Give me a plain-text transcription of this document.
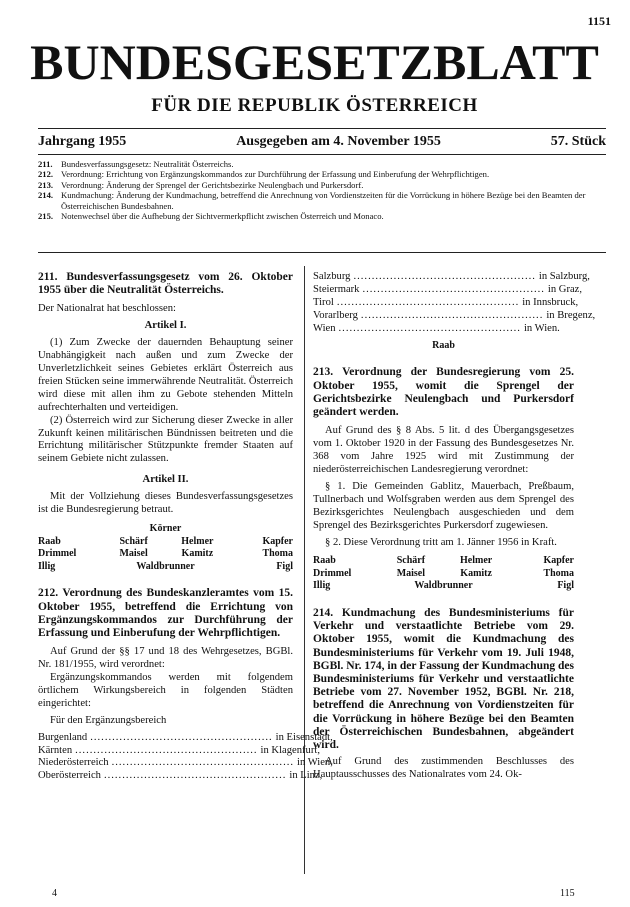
1151
BUNDESGESETZBLATT
FÜR DIE REPUBLIK ÖSTERREICH
Jahrgang 1955	Ausgegeben am 4. November 1955	57. Stück
211. Bundesverfassungsgesetz: Neutralität Österreichs.
212. Verordnung: Errichtung von Ergänzungskommandos zur Durchführung der Erfassung und Einberufung der Wehrpflichtigen.
213. Verordnung: Änderung der Sprengel der Gerichtsbezirke Neulengbach und Purkersdorf.
214. Kundmachung: Änderung der Kundmachung, betreffend die Anrechnung von Vordienstzeiten für die Vorrückung in höhere Bezüge bei den Beamten der Österreichischen Bundesbahnen.
215. Notenwechsel über die Aufhebung der Sichtvermerkpflicht zwischen Österreich und Monaco.
211. Bundesverfassungsgesetz vom 26. Oktober 1955 über die Neutralität Österreichs.
Der Nationalrat hat beschlossen:
Artikel I.
(1) Zum Zwecke der dauernden Behauptung seiner Unabhängigkeit nach außen und zum Zwecke der Unverletzlichkeit seines Gebietes erklärt Österreich aus freien Stücken seine immerwährende Neutralität. Österreich wird diese mit allen ihm zu Gebote stehenden Mitteln aufrechterhalten und verteidigen.
(2) Österreich wird zur Sicherung dieser Zwecke in aller Zukunft keinen militärischen Bündnissen beitreten und die Errichtung militärischer Stützpunkte fremder Staaten auf seinem Gebiete nicht zulassen.
Artikel II.
Mit der Vollziehung dieses Bundesverfassungsgesetzes ist die Bundesregierung betraut.
Körner
Raab	Schärf	Helmer	Kapfer
Drimmel	Maisel	Kamitz	Thoma
Illig	Waldbrunner	Figl
212. Verordnung des Bundeskanzleramtes vom 15. Oktober 1955, betreffend die Errichtung von Ergänzungskommandos zur Durchführung der Erfassung und Einberufung der Wehrpflichtigen.
Auf Grund der §§ 17 und 18 des Wehrgesetzes, BGBl. Nr. 181/1955, wird verordnet:
Ergänzungskommandos werden mit folgendem örtlichem Wirkungsbereich in folgenden Städten eingerichtet:
Für den Ergänzungsbereich
Burgenland .................................................. in Eisenstadt,
Kärnten .................................................. in Klagenfurt,
Niederösterreich .................................................. in Wien,
Oberösterreich .................................................. in Linz,
Salzburg .................................................. in Salzburg,
Steiermark .................................................. in Graz,
Tirol .................................................. in Innsbruck,
Vorarlberg .................................................. in Bregenz,
Wien .................................................. in Wien.
Raab
213. Verordnung der Bundesregierung vom 25. Oktober 1955, womit die Sprengel der Gerichtsbezirke Neulengbach und Purkersdorf geändert werden.
Auf Grund des § 8 Abs. 5 lit. d des Übergangsgesetzes vom 1. Oktober 1920 in der Fassung des Bundesgesetzes Nr. 368 vom Jahre 1925 wird mit Zustimmung der niederösterreichischen Landesregierung verordnet:
§ 1. Die Gemeinden Gablitz, Mauerbach, Preßbaum, Tullnerbach und Wolfsgraben werden aus dem Sprengel des Bezirksgerichtes Neulengbach ausgeschieden und dem Sprengel des Bezirksgerichtes Purkersdorf zugewiesen.
§ 2. Diese Verordnung tritt am 1. Jänner 1956 in Kraft.
Raab	Schärf	Helmer	Kapfer
Drimmel	Maisel	Kamitz	Thoma
Illig	Waldbrunner	Figl
214. Kundmachung des Bundesministeriums für Verkehr und verstaatlichte Betriebe vom 29. Oktober 1955, womit die Kundmachung des Bundesministeriums für Verkehr vom 19. Juli 1948, BGBl. Nr. 174, in der Fassung der Kundmachung des Bundesministeriums für Verkehr und verstaatlichte Betriebe vom 27. November 1952, BGBl. Nr. 218, betreffend die Anrechnung von Vordienstzeiten für die Vorrückung in höhere Bezüge bei den Beamten der Österreichischen Bundesbahnen, abgeändert wird.
Auf Grund des zustimmenden Beschlusses des Hauptausschusses des Nationalrates vom 24. Ok-
4	115
